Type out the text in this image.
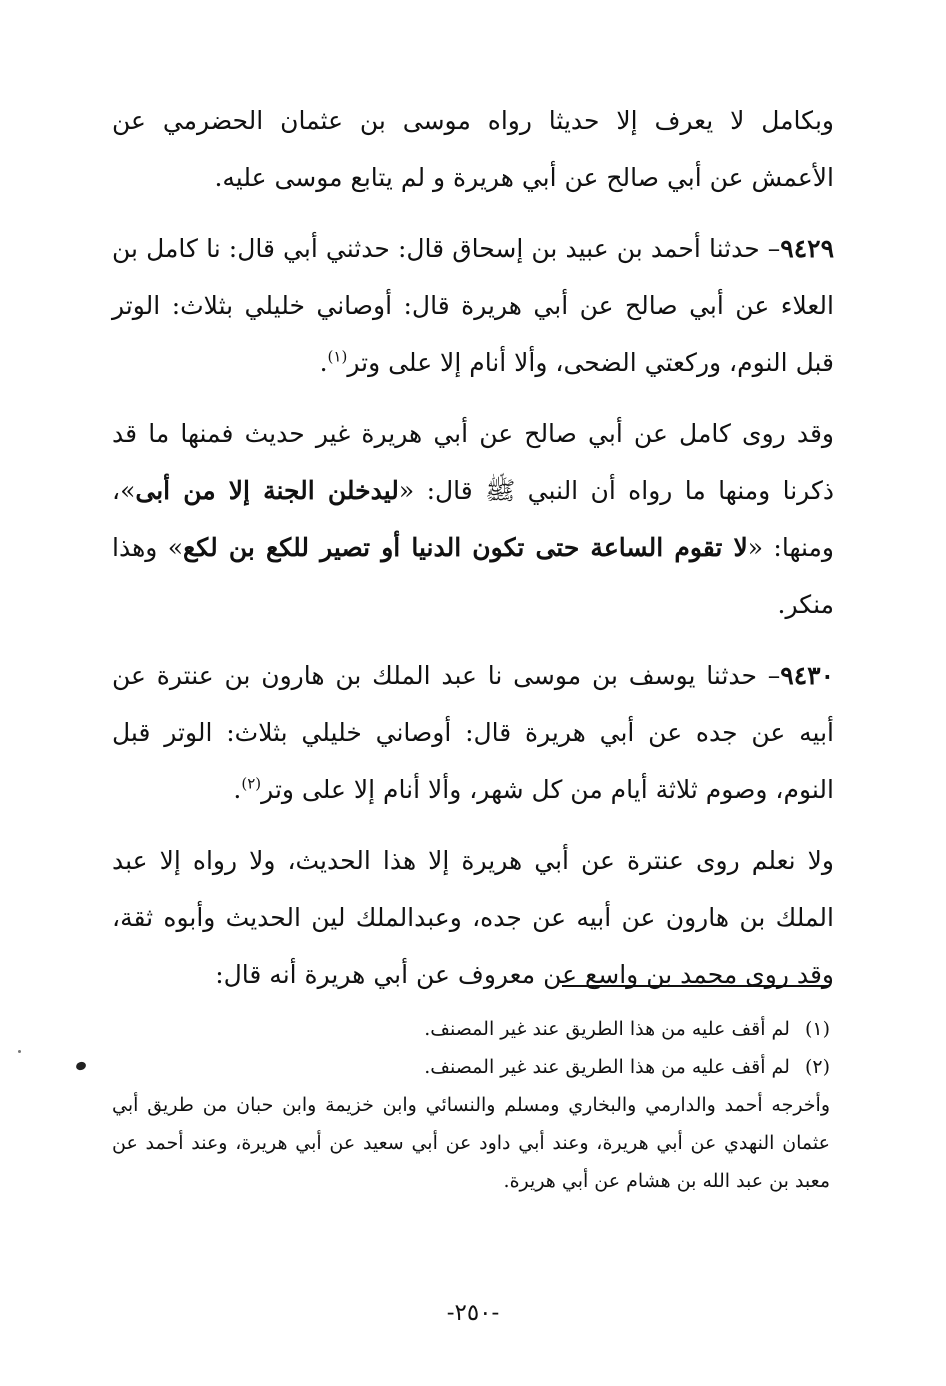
وبكامل لا يعرف إلا حديثا رواه موسى بن عثمان الحضرمي عن الأعمش عن أبي صالح عن أبي هريرة و لم يتابع موسى عليه.

٩٤٢٩– حدثنا أحمد بن عبيد بن إسحاق قال: حدثني أبي قال: نا كامل بن العلاء عن أبي صالح عن أبي هريرة قال: أوصاني خليلي بثلاث: الوتر قبل النوم، وركعتي الضحى، وألا أنام إلا على وتر$^{(١)}$.

وقد روى كامل عن أبي صالح عن أبي هريرة غير حديث فمنها ما قد ذكرنا ومنها ما رواه أن النبي ﷺ قال: «ليدخلن الجنة إلا من أبى»، ومنها: «لا تقوم الساعة حتى تكون الدنيا أو تصير للكع بن لكع» وهذا منكر.

٩٤٣٠– حدثنا يوسف بن موسى نا عبد الملك بن هارون بن عنترة عن أبيه عن جده عن أبي هريرة قال: أوصاني خليلي بثلاث: الوتر قبل النوم، وصوم ثلاثة أيام من كل شهر، وألا أنام إلا على وتر$^{(٢)}$.

ولا نعلم روى عنترة عن أبي هريرة إلا هذا الحديث، ولا رواه إلا عبد الملك بن هارون عن أبيه عن جده، وعبدالملك لين الحديث وأبوه ثقة، وقد روى محمد بن واسع عن معروف عن أبي هريرة أنه قال:

(١) لم أقف عليه من هذا الطريق عند غير المصنف.

(٢) لم أقف عليه من هذا الطريق عند غير المصنف.

وأخرجه أحمد والدارمي والبخاري ومسلم والنسائي وابن خزيمة وابن حبان من طريق أبي عثمان النهدي عن أبي هريرة، وعند أبي داود عن أبي سعيد عن أبي هريرة، وعند أحمد عن معبد بن عبد الله بن هشام عن أبي هريرة.

-٢٥٠-
